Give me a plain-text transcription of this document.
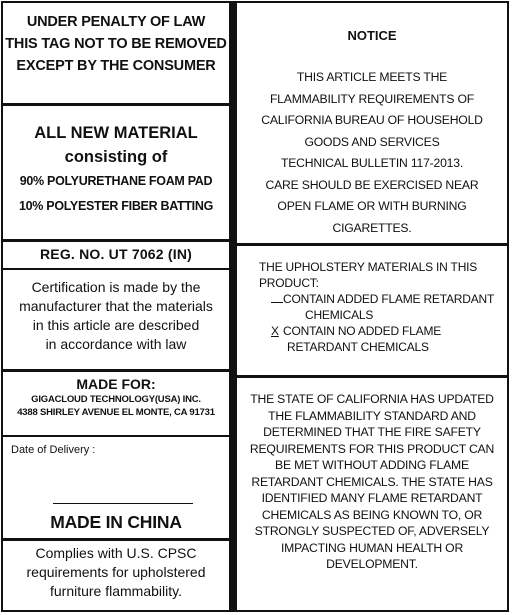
UNDER PENALTY OF LAW
THIS TAG NOT TO BE REMOVED
EXCEPT BY THE CONSUMER
ALL NEW MATERIAL
consisting of
90% POLYURETHANE FOAM PAD
10% POLYESTER FIBER BATTING
REG. NO. UT 7062 (IN)
Certification is made by the
manufacturer that the materials
in this article are described
in accordance with law
MADE FOR:
GIGACLOUD TECHNOLOGY(USA) INC.
4388 SHIRLEY AVENUE EL MONTE, CA 91731
Date of Delivery :
MADE IN CHINA
Complies with U.S. CPSC
requirements for upholstered
furniture flammability.
NOTICE
THIS ARTICLE MEETS THE
FLAMMABILITY REQUIREMENTS OF
CALIFORNIA BUREAU OF HOUSEHOLD
GOODS AND SERVICES
TECHNICAL BULLETIN 117-2013.
CARE SHOULD BE EXERCISED NEAR
OPEN FLAME OR WITH BURNING
CIGARETTES.
THE UPHOLSTERY MATERIALS IN THIS
PRODUCT:
CONTAIN ADDED FLAME RETARDANT
CHEMICALS
X CONTAIN NO ADDED FLAME
RETARDANT CHEMICALS
THE STATE OF CALIFORNIA HAS UPDATED
THE FLAMMABILITY STANDARD AND
DETERMINED THAT THE FIRE SAFETY
REQUIREMENTS FOR THIS PRODUCT CAN
BE MET WITHOUT ADDING FLAME
RETARDANT CHEMICALS. THE STATE HAS
IDENTIFIED MANY FLAME RETARDANT
CHEMICALS AS BEING KNOWN TO, OR
STRONGLY SUSPECTED OF, ADVERSELY
IMPACTING HUMAN HEALTH OR
DEVELOPMENT.
